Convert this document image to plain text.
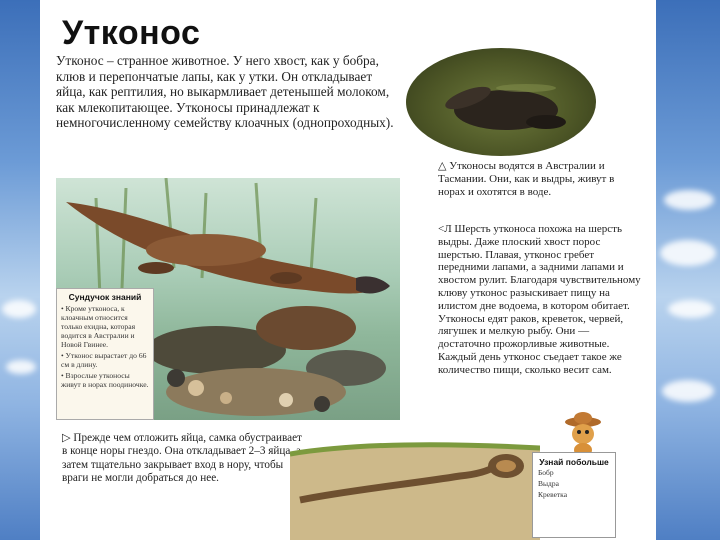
Утконос
Утконос – странное животное. У него хвост, как у бобра, клюв и перепончатые лапы, как у утки. Он откладывает яйца, как рептилия, но выкармливает детенышей молоком, как млекопитающее. Утконосы принадлежат к немногочисленному семейству клоачных (однопроходных).
△ Утконосы водятся в Австралии и Тасмании. Они, как и выдры, живут в норах и охотятся в воде.
<Л Шерсть утконоса похожа на шерсть выдры. Даже плоский хвост порос шерстью. Плавая, утконос гребет передними лапами, а задними лапами и хвостом рулит. Благодаря чувствительному клюву утконос разыскивает пищу на илистом дне водоема, в котором обитает. Утконосы едят раков, креветок, червей, лягушек и мелкую рыбу. Они — достаточно прожорливые животные. Каждый день утконос съедает такое же количество пищи, сколько весит сам.
Сундучок знаний
• Кроме утконоса, к клоачным относится только ехидна, которая водится в Австралии и Новой Гвинее.
• Утконос вырастает до 66 см в длину.
• Взрослые утконосы живут в норах поодиночке.
▷ Прежде чем отложить яйца, самка обустраивает в конце норы гнездо. Она откладывает 2–3 яйца, а затем тщательно закрывает вход в нору, чтобы враги не могли добраться до нее.
Узнай побольше
Бобр
Выдра
Креветка
